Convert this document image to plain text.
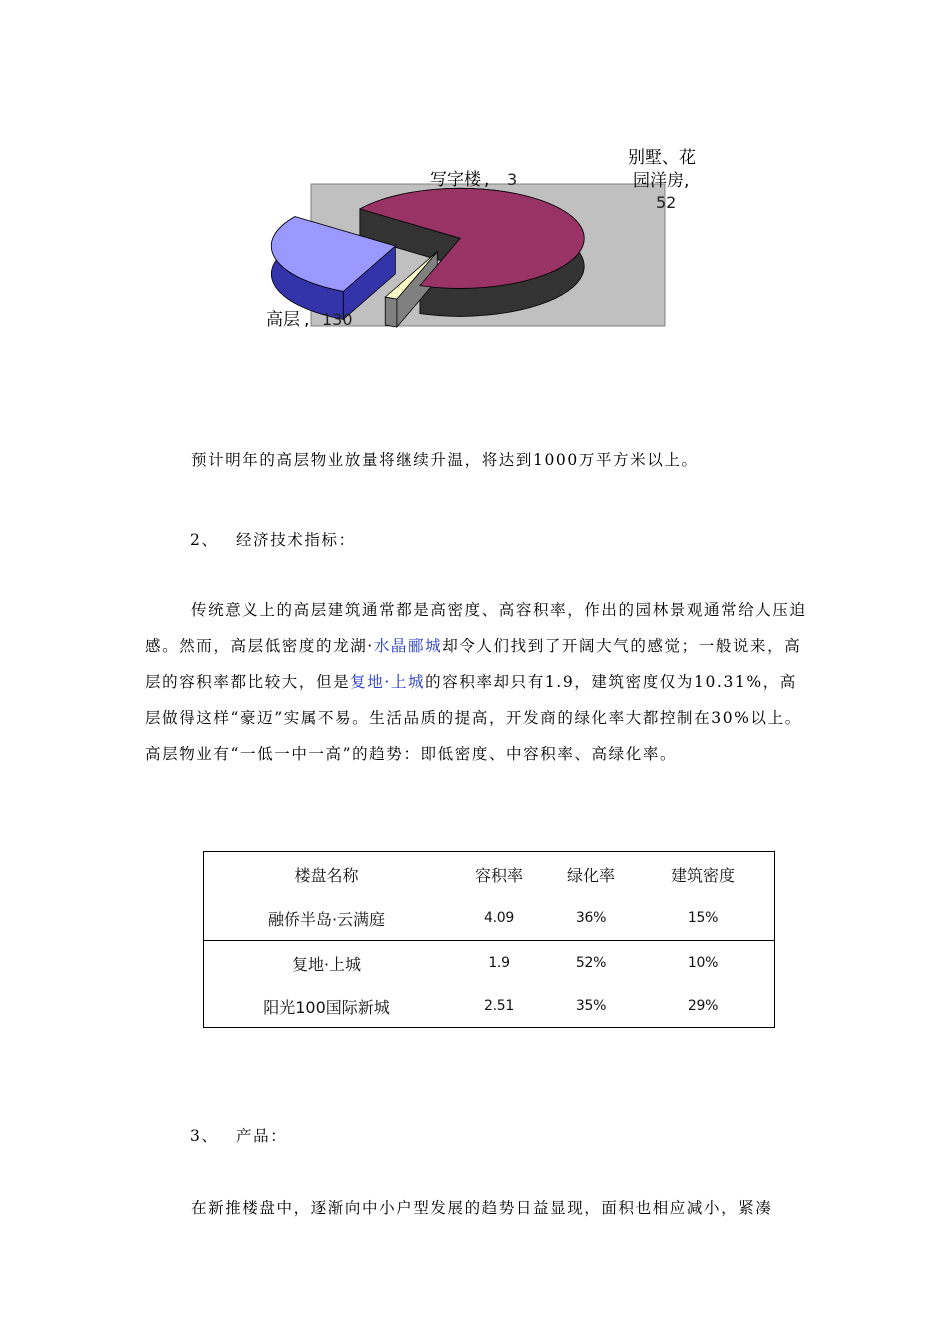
高层 , 130
写字楼 , 3
别墅、花
园洋房,
52

预计明年的高层物业放量将继续升温，将达到1000万平方米以上。

2、 经济技术指标：

传统意义上的高层建筑通常都是高密度、高容积率，作出的园林景观通常给人压迫感。然而，高层低密度的龙湖·水晶郦城却令人们找到了开阔大气的感觉；一般说来，高层的容积率都比较大，但是复地·上城的容积率却只有1.9，建筑密度仅为10.31%，高层做得这样“豪迈”实属不易。生活品质的提高，开发商的绿化率大都控制在30%以上。高层物业有“一低一中一高”的趋势：即低密度、中容积率、高绿化率。

楼盘名称	容积率	绿化率	建筑密度
融侨半岛·云满庭	4.09	36%	15%
复地·上城	1.9	52%	10%
阳光100国际新城	2.51	35%	29%

3、 产品：

在新推楼盘中，逐渐向中小户型发展的趋势日益显现，面积也相应减小，紧凑
